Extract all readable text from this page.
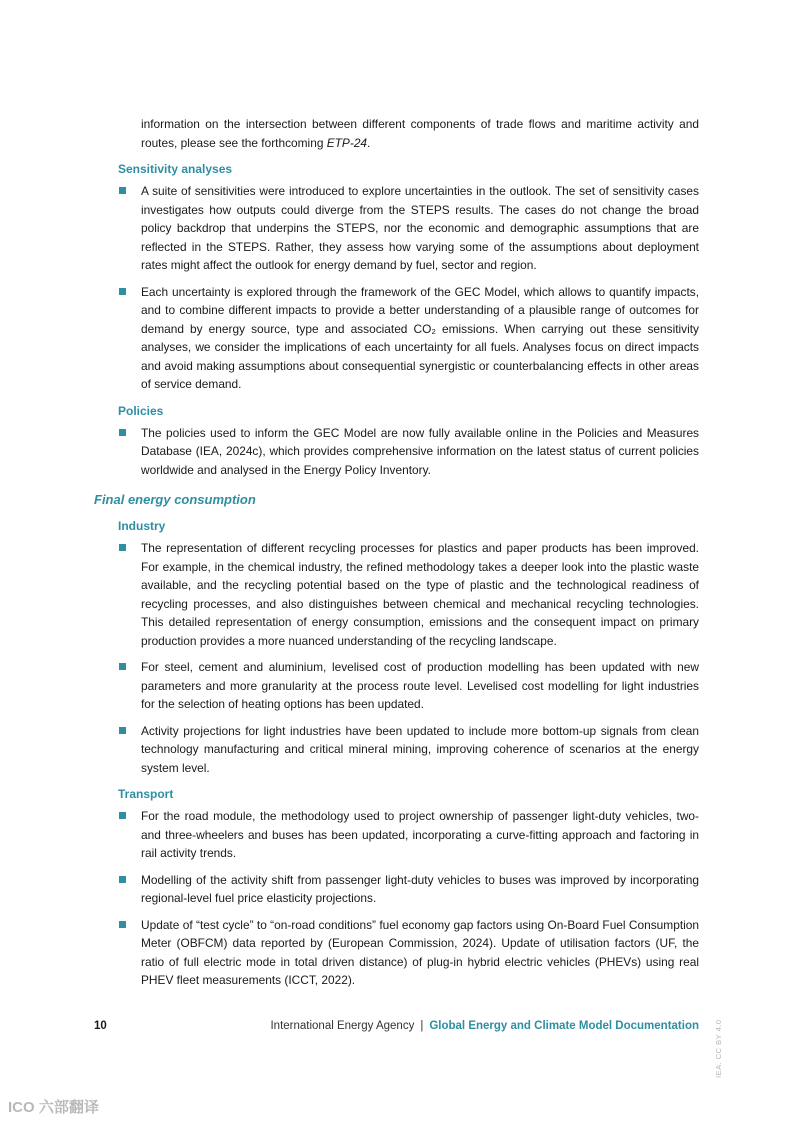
information on the intersection between different components of trade flows and maritime activity and routes, please see the forthcoming ETP-24.

Sensitivity analyses
A suite of sensitivities were introduced to explore uncertainties in the outlook. The set of sensitivity cases investigates how outputs could diverge from the STEPS results. The cases do not change the broad policy backdrop that underpins the STEPS, nor the economic and demographic assumptions that are reflected in the STEPS. Rather, they assess how varying some of the assumptions about deployment rates might affect the outlook for energy demand by fuel, sector and region.
Each uncertainty is explored through the framework of the GEC Model, which allows to quantify impacts, and to combine different impacts to provide a better understanding of a plausible range of outcomes for demand by energy source, type and associated CO₂ emissions. When carrying out these sensitivity analyses, we consider the implications of each uncertainty for all fuels. Analyses focus on direct impacts and avoid making assumptions about consequential synergistic or counterbalancing effects in other areas of service demand.
Policies
The policies used to inform the GEC Model are now fully available online in the Policies and Measures Database (IEA, 2024c), which provides comprehensive information on the latest status of current policies worldwide and analysed in the Energy Policy Inventory.
Final energy consumption
Industry
The representation of different recycling processes for plastics and paper products has been improved. For example, in the chemical industry, the refined methodology takes a deeper look into the plastic waste available, and the recycling potential based on the type of plastic and the technological readiness of recycling processes, and also distinguishes between chemical and mechanical recycling technologies. This detailed representation of energy consumption, emissions and the consequent impact on primary production provides a more nuanced understanding of the recycling landscape.
For steel, cement and aluminium, levelised cost of production modelling has been updated with new parameters and more granularity at the process route level. Levelised cost modelling for light industries for the selection of heating options has been updated.
Activity projections for light industries have been updated to include more bottom-up signals from clean technology manufacturing and critical mineral mining, improving coherence of scenarios at the energy system level.
Transport
For the road module, the methodology used to project ownership of passenger light-duty vehicles, two- and three-wheelers and buses has been updated, incorporating a curve-fitting approach and factoring in rail activity trends.
Modelling of the activity shift from passenger light-duty vehicles to buses was improved by incorporating regional-level fuel price elasticity projections.
Update of “test cycle” to “on-road conditions” fuel economy gap factors using On-Board Fuel Consumption Meter (OBFCM) data reported by (European Commission, 2024). Update of utilisation factors (UF, the ratio of full electric mode in total driven distance) of plug-in hybrid electric vehicles (PHEVs) using real PHEV fleet measurements (ICCT, 2022).
10	International Energy Agency | Global Energy and Climate Model Documentation IEA. CC BY 4.0
ICO 六部翻译
